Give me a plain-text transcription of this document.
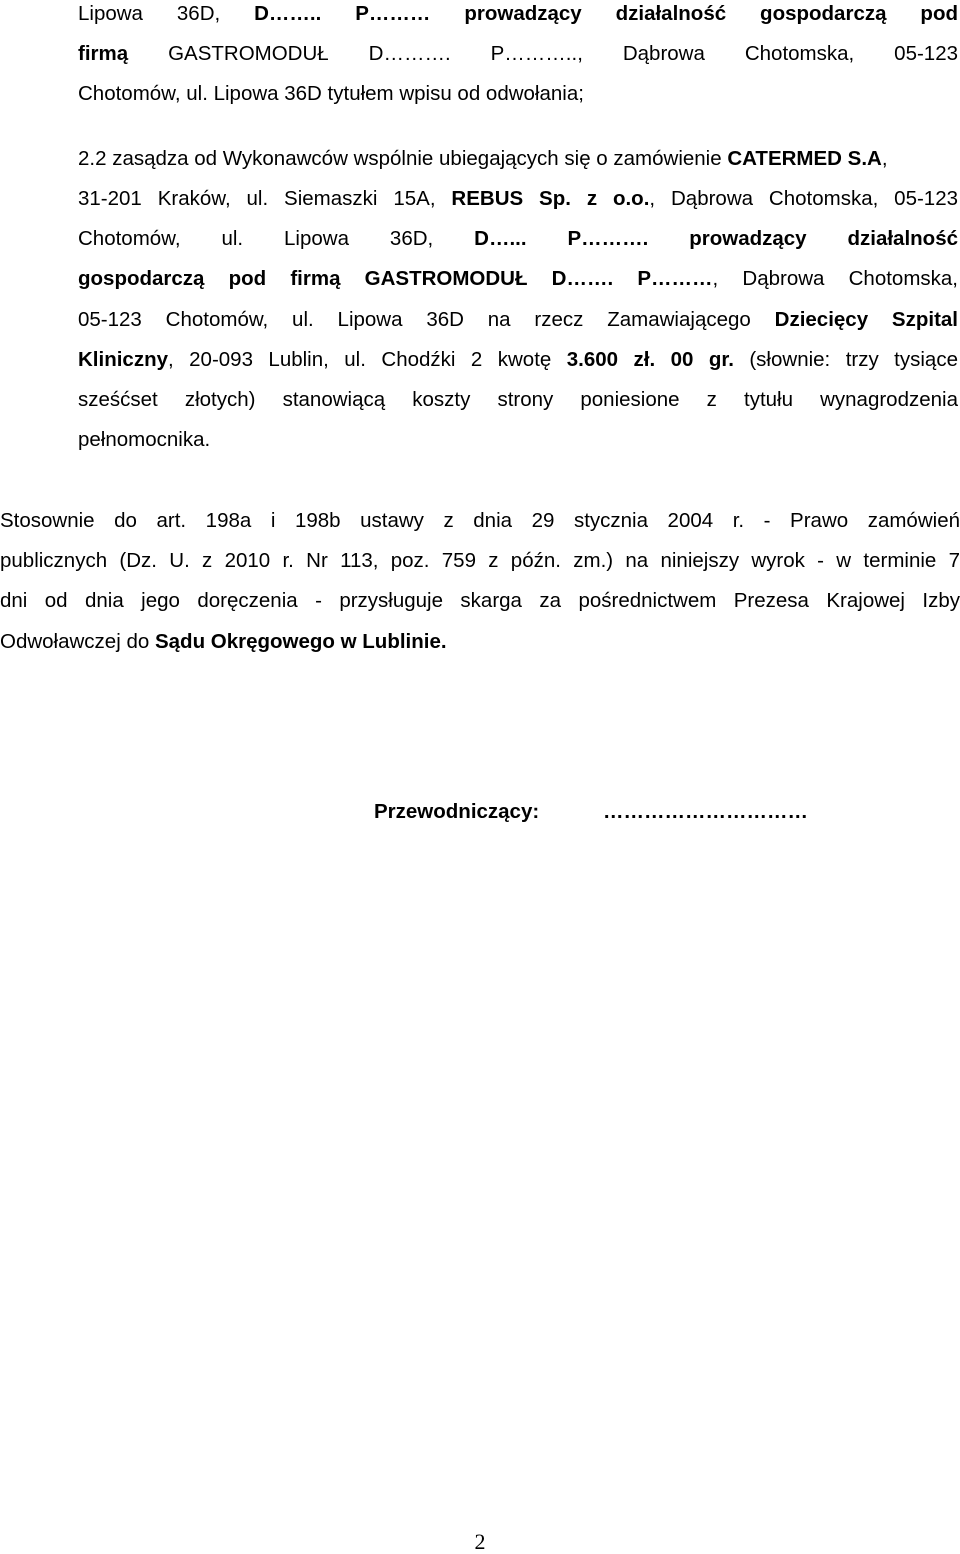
Lipowa 36D, D…….. P……… prowadzący działalność gospodarczą pod
firmą GASTROMODUŁ D………. P……….., Dąbrowa Chotomska, 05-123
Chotomów, ul. Lipowa 36D tytułem wpisu od odwołania;
2.2 zasądza od Wykonawców wspólnie ubiegających się o zamówienie CATERMED S.A,
31-201 Kraków, ul. Siemaszki 15A, REBUS Sp. z o.o., Dąbrowa Chotomska, 05-123
Chotomów, ul. Lipowa 36D, D…... P………. prowadzący działalność
gospodarczą pod firmą GASTROMODUŁ D……. P………, Dąbrowa Chotomska,
05-123 Chotomów, ul. Lipowa 36D na rzecz Zamawiającego Dziecięcy Szpital
Kliniczny, 20-093 Lublin, ul. Chodźki 2 kwotę 3.600 zł. 00 gr. (słownie: trzy tysiące
sześćset złotych) stanowiącą koszty strony poniesione z tytułu wynagrodzenia
pełnomocnika.
Stosownie do art. 198a i 198b ustawy z dnia 29 stycznia 2004 r. - Prawo zamówień
publicznych (Dz. U. z 2010 r. Nr 113, poz. 759 z późn. zm.) na niniejszy wyrok - w terminie 7
dni od dnia jego doręczenia - przysługuje skarga za pośrednictwem Prezesa Krajowej Izby
Odwoławczej do Sądu Okręgowego w Lublinie.
Przewodniczący:	…………………………
2
